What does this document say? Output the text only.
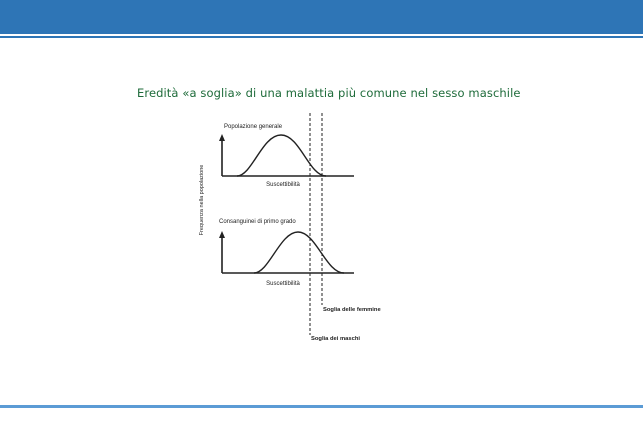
Eredità «a soglia» di una malattia più comune nel sesso maschile
Frequenza nella popolazione
Popolazione generale
Suscettibilità
Consanguinei di primo grado
Suscettibilità
Soglia delle femmine
Soglia dei maschi
